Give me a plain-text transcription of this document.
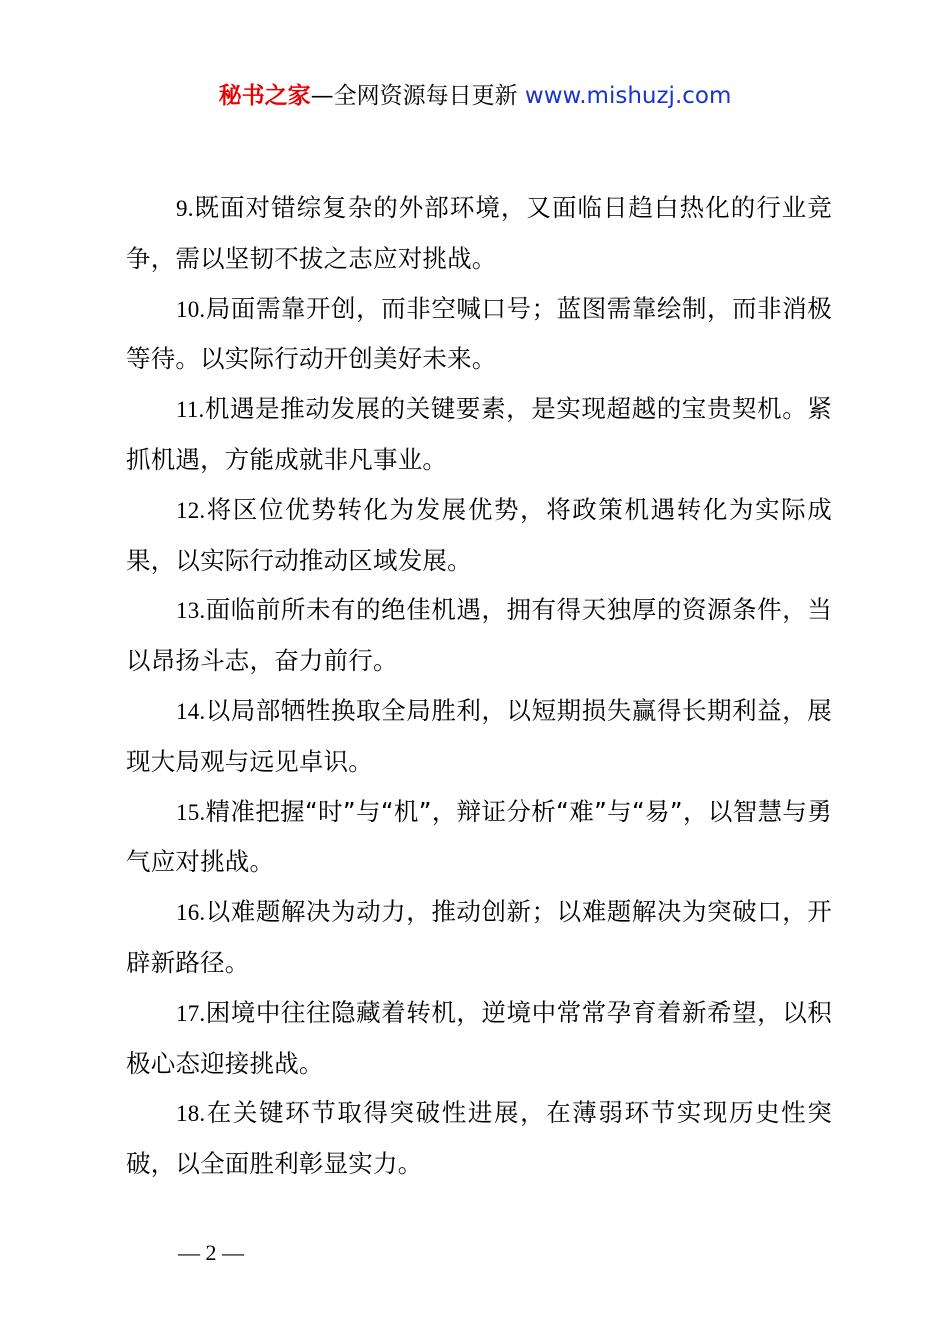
秘书之家—全网资源每日更新 www.mishuzj.com

9.既面对错综复杂的外部环境，又面临日趋白热化的行业竞争，需以坚韧不拔之志应对挑战。

10.局面需靠开创，而非空喊口号；蓝图需靠绘制，而非消极等待。以实际行动开创美好未来。

11.机遇是推动发展的关键要素，是实现超越的宝贵契机。紧抓机遇，方能成就非凡事业。

12.将区位优势转化为发展优势，将政策机遇转化为实际成果，以实际行动推动区域发展。

13.面临前所未有的绝佳机遇，拥有得天独厚的资源条件，当以昂扬斗志，奋力前行。

14.以局部牺牲换取全局胜利，以短期损失赢得长期利益，展现大局观与远见卓识。

15.精准把握“时”与“机”，辩证分析“难”与“易”，以智慧与勇气应对挑战。

16.以难题解决为动力，推动创新；以难题解决为突破口，开辟新路径。

17.困境中往往隐藏着转机，逆境中常常孕育着新希望，以积极心态迎接挑战。

18.在关键环节取得突破性进展，在薄弱环节实现历史性突破，以全面胜利彰显实力。

— 2 —
